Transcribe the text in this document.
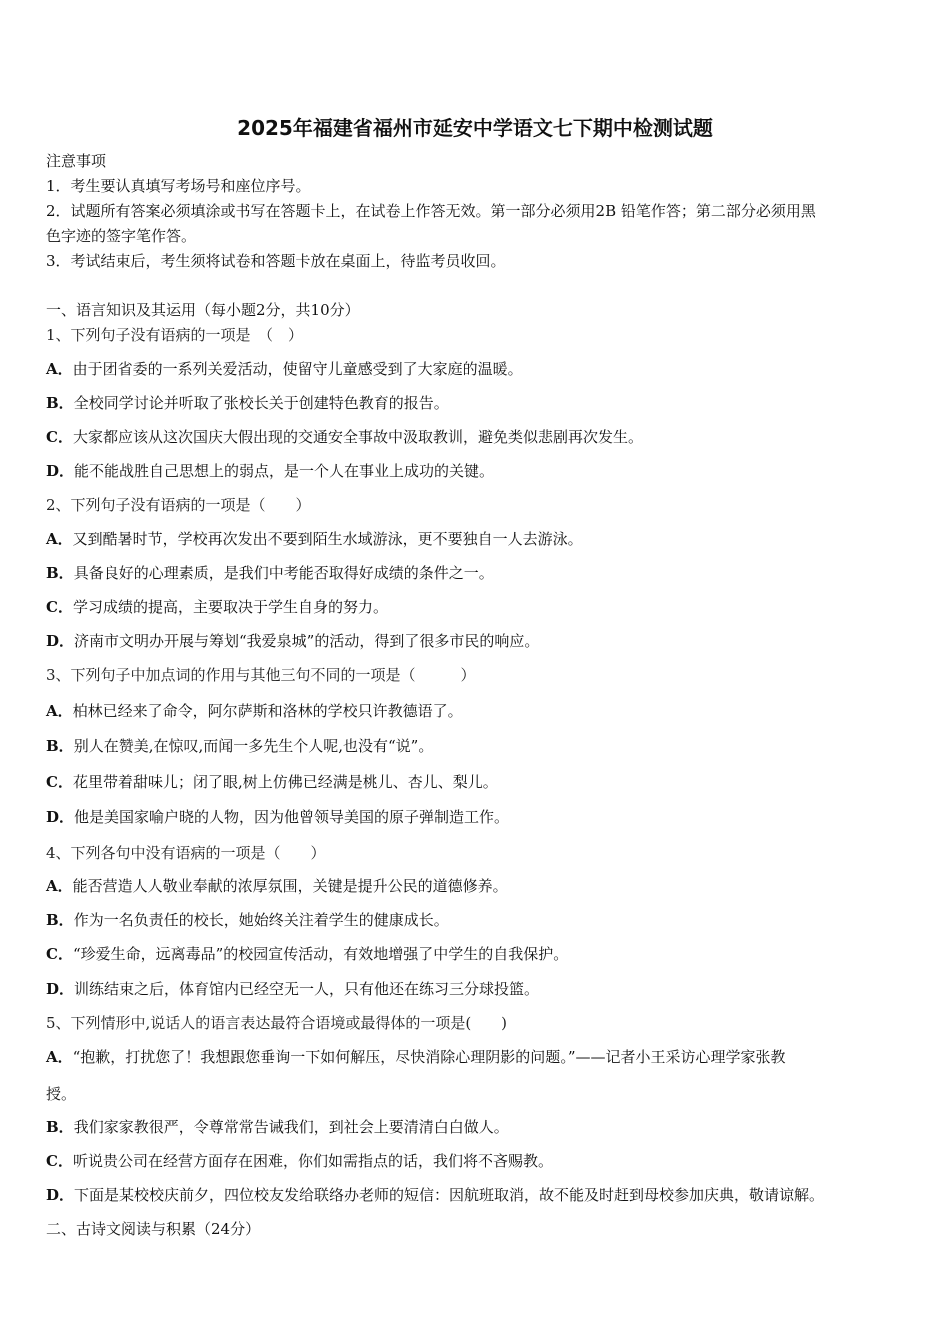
2025年福建省福州市延安中学语文七下期中检测试题
注意事项
1．考生要认真填写考场号和座位序号。
2．试题所有答案必须填涂或书写在答题卡上，在试卷上作答无效。第一部分必须用2B 铅笔作答；第二部分必须用黑
色字迹的签字笔作答。
3．考试结束后，考生须将试卷和答题卡放在桌面上，待监考员收回。
一、语言知识及其运用（每小题2分，共10分）
1、下列句子没有语病的一项是　（　）
A．由于团省委的一系列关爱活动，使留守儿童感受到了大家庭的温暖。
B．全校同学讨论并听取了张校长关于创建特色教育的报告。
C．大家都应该从这次国庆大假出现的交通安全事故中汲取教训，避免类似悲剧再次发生。
D．能不能战胜自己思想上的弱点，是一个人在事业上成功的关键。
2、下列句子没有语病的一项是（　　）
A．又到酷暑时节，学校再次发出不要到陌生水域游泳，更不要独自一人去游泳。
B．具备良好的心理素质，是我们中考能否取得好成绩的条件之一。
C．学习成绩的提高，主要取决于学生自身的努力。
D．济南市文明办开展与筹划“我爱泉城”的活动，得到了很多市民的响应。
3、下列句子中加点词的作用与其他三句不同的一项是（　　　）
A．柏林已经来了命令，阿尔萨斯和洛林的学校只许教德语了。
B．别人在赞美,在惊叹,而闻一多先生个人呢,也没有“说”。
C．花里带着甜味儿；闭了眼,树上仿佛已经满是桃儿、杏儿、梨儿。
D．他是美国家喻户晓的人物，因为他曾领导美国的原子弹制造工作。
4、下列各句中没有语病的一项是（　　）
A．能否营造人人敬业奉献的浓厚氛围，关键是提升公民的道德修养。
B．作为一名负责任的校长，她始终关注着学生的健康成长。
C．“珍爱生命，远离毒品”的校园宣传活动，有效地增强了中学生的自我保护。
D．训练结束之后，体育馆内已经空无一人，只有他还在练习三分球投篮。
5、下列情形中,说话人的语言表达最符合语境或最得体的一项是(　　)
A．“抱歉，打扰您了！我想跟您垂询一下如何解压，尽快消除心理阴影的问题。”——记者小王采访心理学家张教
授。
B．我们家家教很严，令尊常常告诫我们，到社会上要清清白白做人。
C．听说贵公司在经营方面存在困难，你们如需指点的话，我们将不吝赐教。
D．下面是某校校庆前夕，四位校友发给联络办老师的短信：因航班取消，故不能及时赶到母校参加庆典，敬请谅解。
二、古诗文阅读与积累（24分）
